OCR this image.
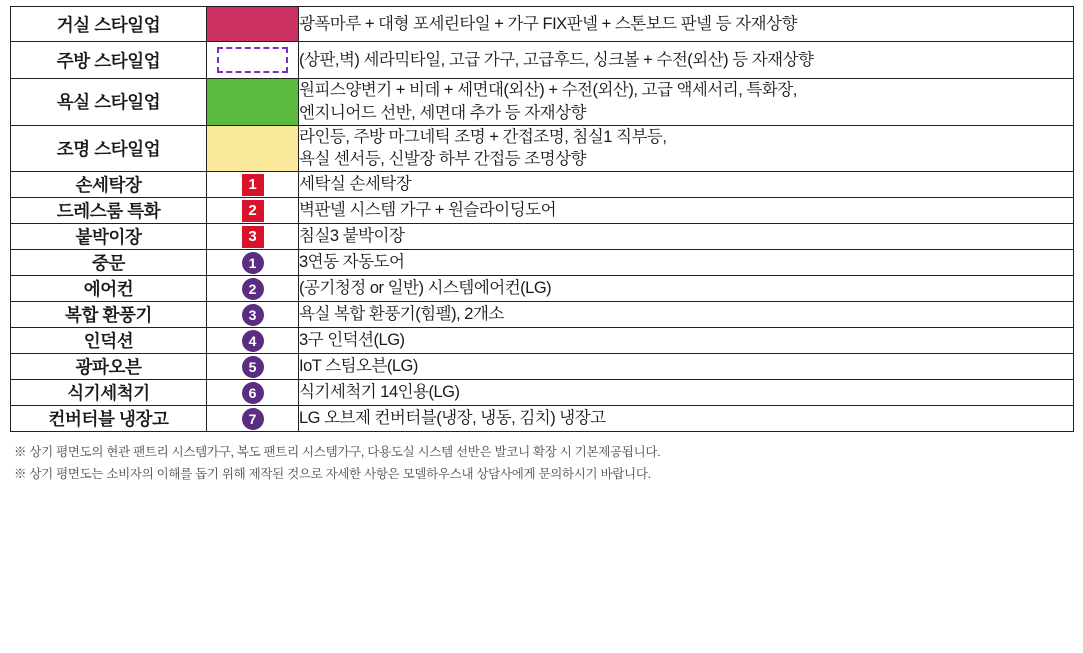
거실 스타일업		광폭마루 + 대형 포세린타일 + 가구 FIX판넬 + 스톤보드 판넬 등 자재상향

주방 스타일업		(상판,벽) 세라믹타일, 고급 가구, 고급후드, 싱크볼 + 수전(외산) 등 자재상향

욕실 스타일업		원피스양변기 + 비데 + 세면대(외산) + 수전(외산), 고급 액세서리, 특화장,
엔지니어드 선반, 세면대 추가 등 자재상향

조명 스타일업		라인등, 주방 마그네틱 조명 + 간접조명, 침실1 직부등,
욕실 센서등, 신발장 하부 간접등 조명상향

손세탁장	1	세탁실 손세탁장

드레스룸 특화	2	벽판넬 시스템 가구 + 원슬라이딩도어

붙박이장	3	침실3 붙박이장

중문	1	3연동 자동도어

에어컨	2	(공기청정 or 일반) 시스템에어컨(LG)

복합 환풍기	3	욕실 복합 환풍기(힘펠), 2개소

인덕션	4	3구 인덕션(LG)

광파오븐	5	IoT 스팀오븐(LG)

식기세척기	6	식기세척기 14인용(LG)

컨버터블 냉장고	7	LG 오브제 컨버터블(냉장, 냉동, 김치) 냉장고
※ 상기 평면도의 현관 팬트리 시스템가구, 복도 팬트리 시스템가구, 다용도실 시스템 선반은 발코니 확장 시 기본제공됩니다.
※ 상기 평면도는 소비자의 이해를 돕기 위해 제작된 것으로 자세한 사항은 모델하우스내 상담사에게 문의하시기 바랍니다.
